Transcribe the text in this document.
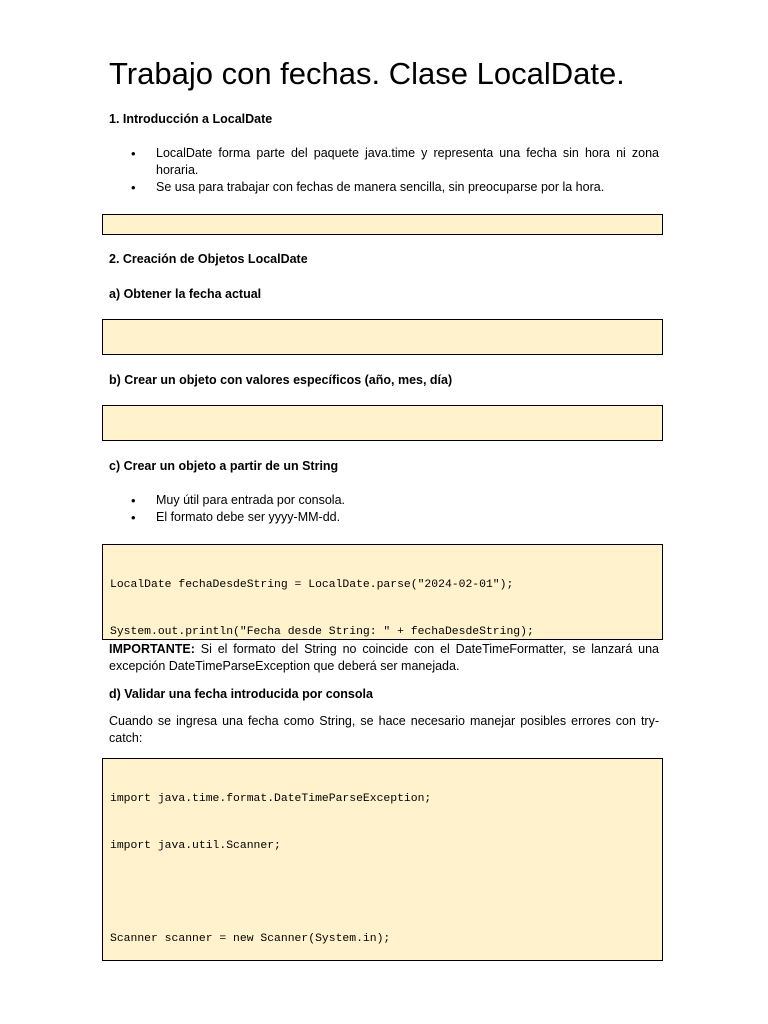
Trabajo con fechas. Clase LocalDate.
1. Introducción a LocalDate
• LocalDate forma parte del paquete java.time y representa una fecha sin hora ni zona horaria.
• Se usa para trabajar con fechas de manera sencilla, sin preocuparse por la hora.

2. Creación de Objetos LocalDate
a) Obtener la fecha actual

b) Crear un objeto con valores específicos (año, mes, día)

c) Crear un objeto a partir de un String
• Muy útil para entrada por consola.
• El formato debe ser yyyy-MM-dd.

LocalDate fechaDesdeString = LocalDate.parse("2024-02-01");

System.out.println("Fecha desde String: " + fechaDesdeString);

IMPORTANTE: Si el formato del String no coincide con el DateTimeFormatter, se lanzará una excepción DateTimeParseException que deberá ser manejada.

d) Validar una fecha introducida por consola

Cuando se ingresa una fecha como String, se hace necesario manejar posibles errores con try-catch:

import java.time.format.DateTimeParseException;

import java.util.Scanner;

Scanner scanner = new Scanner(System.in);
